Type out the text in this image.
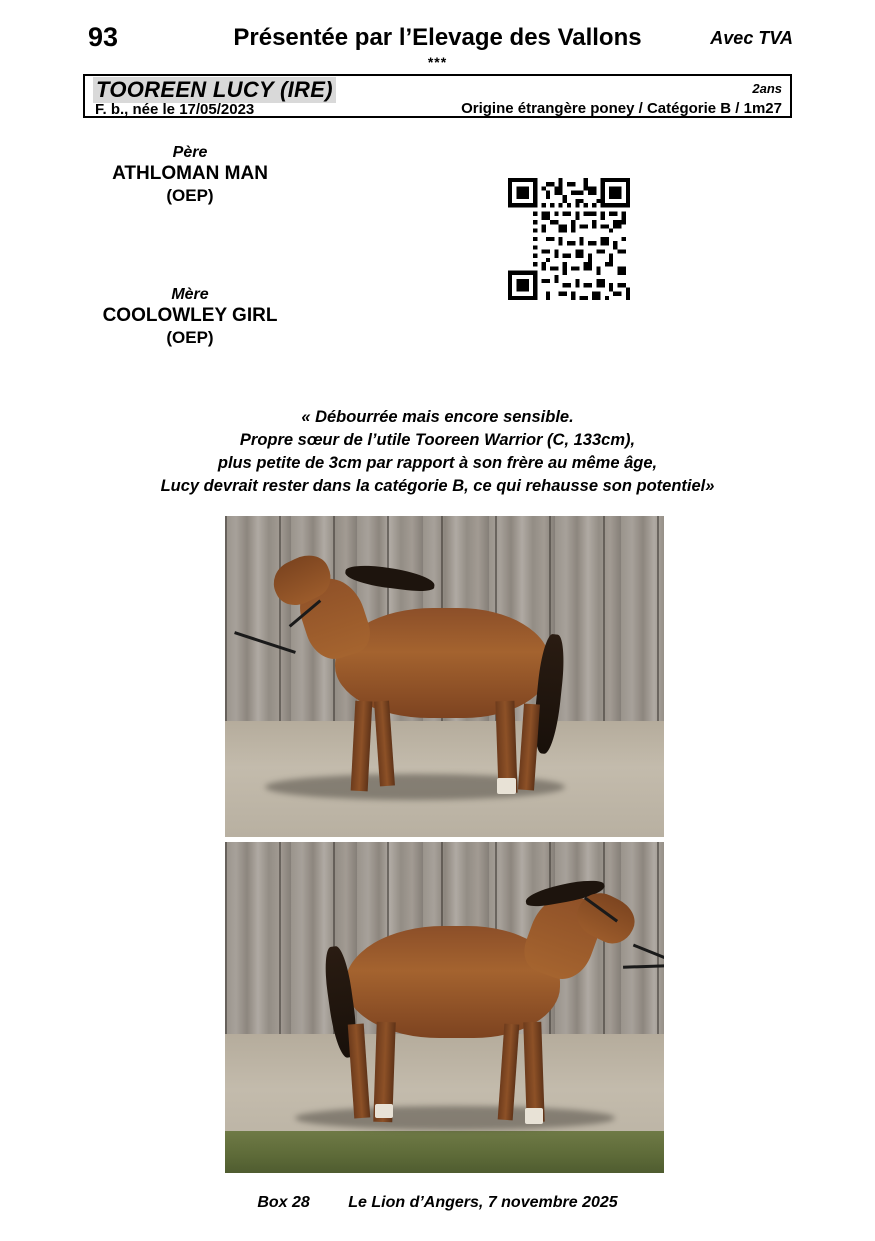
93	Présentée par l’Elevage des Vallons	Avec TVA
***
TOOREEN LUCY (IRE)	2ans
F. b., née le 17/05/2023	Origine étrangère poney / Catégorie B / 1m27
Père
ATHLOMAN MAN
(OEP)
Mère
COOLOWLEY GIRL
(OEP)
« Débourrée mais encore sensible.
Propre sœur de l’utile Tooreen Warrior (C, 133cm),
plus petite de 3cm par rapport à son frère au même âge,
Lucy devrait rester dans la catégorie B, ce qui rehausse son potentiel»
Box 28 Le Lion d’Angers, 7 novembre 2025
